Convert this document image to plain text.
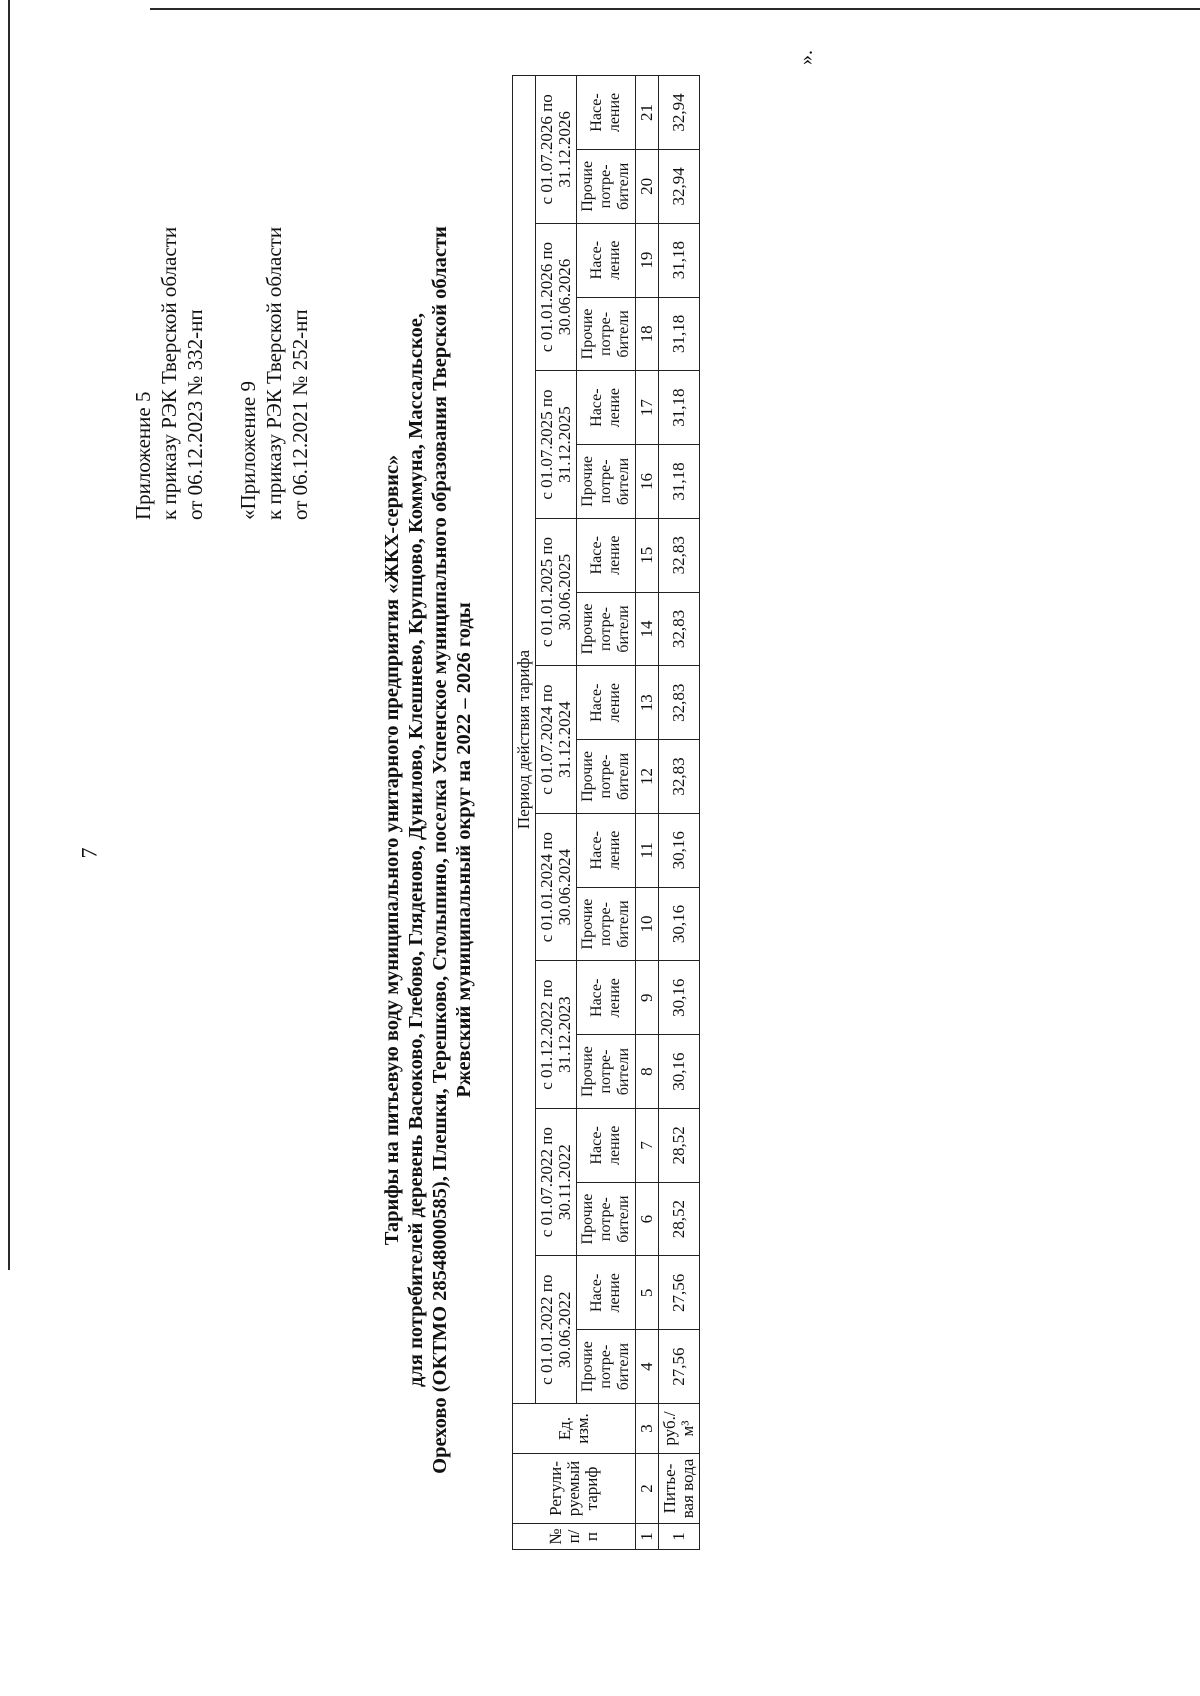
7
Приложение 5 к приказу РЭК Тверской области от 06.12.2023 № 332-нп «Приложение 9 к приказу РЭК Тверской области от 06.12.2021 № 252-нп
Тарифы на питьевую воду муниципального унитарного предприятия «ЖКХ-сервис» для потребителей деревень Васюково, Глебово, Гляденово, Дунилово, Клешнево, Крупцово, Коммуна, Массальское, Орехово (ОКТМО 28548000585), Плешки, Терешково, Столыпино, поселка Успенское муниципального образования Тверской области Ржевский муниципальный округ на 2022 – 2026 годы
№ п/п	Регули-руемый тариф	Ед. изм.	Период действия тарифа																	
			с 01.01.2022 по 30.06.2022		с 01.07.2022 по 30.11.2022		с 01.12.2022 по 31.12.2023		с 01.01.2024 по 30.06.2024		с 01.07.2024 по 31.12.2024		с 01.01.2025 по 30.06.2025		с 01.07.2025 по 31.12.2025		с 01.01.2026 по 30.06.2026		с 01.07.2026 по 31.12.2026	
			Прочие потре-бители	Насе-ление	Прочие потре-бители	Насе-ление	Прочие потре-бители	Насе-ление	Прочие потре-бители	Насе-ление	Прочие потре-бители	Насе-ление	Прочие потре-бители	Насе-ление	Прочие потре-бители	Насе-ление	Прочие потре-бители	Насе-ление	Прочие потре-бители	Насе-ление
1	2	3	4	5	6	7	8	9	10	11	12	13	14	15	16	17	18	19	20	21
1	Питье-вая вода	руб./м³	27,56	27,56	28,52	28,52	30,16	30,16	30,16	30,16	32,83	32,83	32,83	32,83	31,18	31,18	31,18	31,18	32,94	32,94
».
